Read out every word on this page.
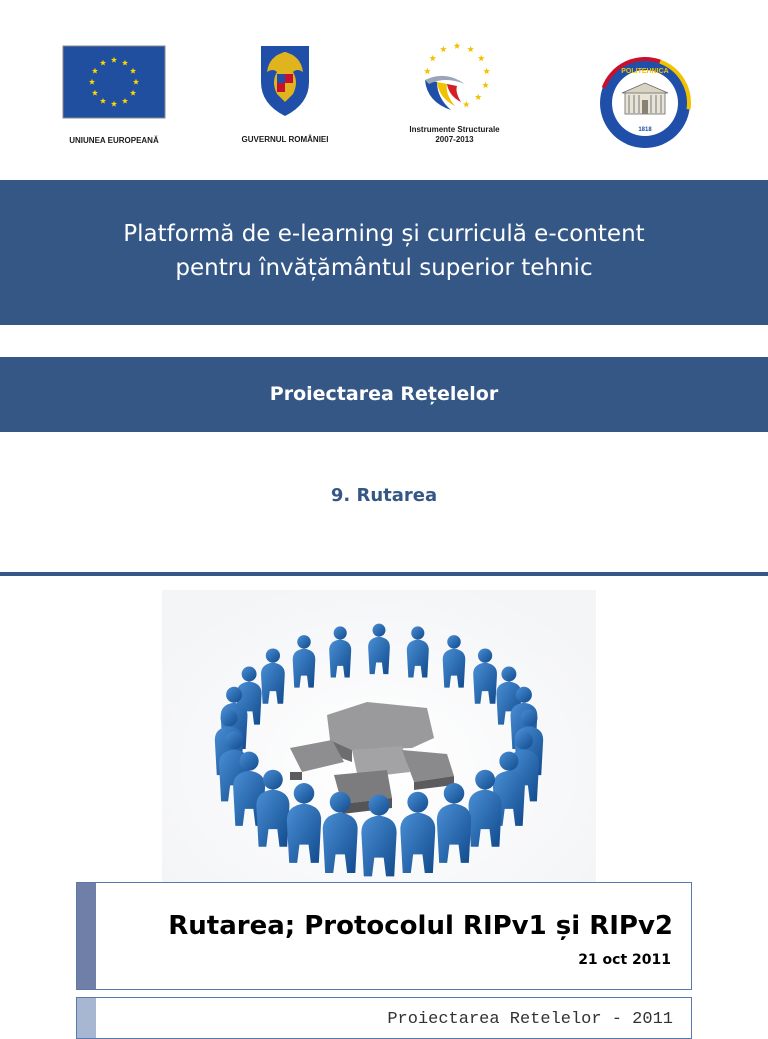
UNIUNEA EUROPEANĂ	GUVERNUL ROMÂNIEI
Instrumente Structurale
2007-2013
POLITEHNICA
1818
Platformă de e-learning și curriculă e-content
pentru învățământul superior tehnic
Proiectarea Rețelelor
9. Rutarea
Rutarea; Protocolul RIPv1 și RIPv2
21 oct 2011
Proiectarea Retelelor - 2011
